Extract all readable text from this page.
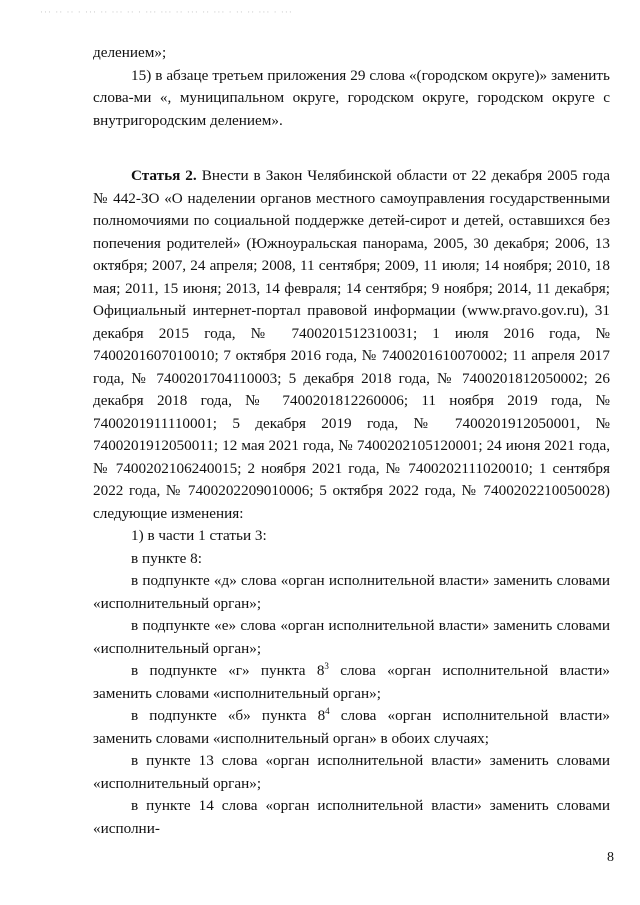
··· ·· ·· · ··· ·· ··· ·· · ··· ··· ·· ··· ·· ··· · ·· ·· ··· · ···

делением»;

15) в абзаце третьем приложения 29 слова «(городском округе)» заменить слова-ми «, муниципальном округе, городском округе, городском округе с внутригородским делением».

Статья 2. Внести в Закон Челябинской области от 22 декабря 2005 года № 442-ЗО «О наделении органов местного самоуправления государственными полномочиями по социальной поддержке детей-сирот и детей, оставшихся без попечения родителей» (Южноуральская панорама, 2005, 30 декабря; 2006, 13 октября; 2007, 24 апреля; 2008, 11 сентября; 2009, 11 июля; 14 ноября; 2010, 18 мая; 2011, 15 июня; 2013, 14 февраля; 14 сентября; 9 ноября; 2014, 11 декабря; Официальный интернет-портал правовой информации (www.pravo.gov.ru), 31 декабря 2015 года, № 7400201512310031; 1 июля 2016 года, № 7400201607010010; 7 октября 2016 года, № 7400201610070002; 11 апреля 2017 года, № 7400201704110003; 5 декабря 2018 года, № 7400201812050002; 26 декабря 2018 года, № 7400201812260006; 11 ноября 2019 года, № 7400201911110001; 5 декабря 2019 года, № 7400201912050001, № 7400201912050011; 12 мая 2021 года, № 7400202105120001; 24 июня 2021 года, № 7400202106240015; 2 ноября 2021 года, № 7400202111020010; 1 сентября 2022 года, № 7400202209010006; 5 октября 2022 года, № 7400202210050028) следующие изменения:

1) в части 1 статьи 3:

в пункте 8:

в подпункте «д» слова «орган исполнительной власти» заменить словами «исполнительный орган»;

в подпункте «е» слова «орган исполнительной власти» заменить словами «исполнительный орган»;

в подпункте «г» пункта $8^3$ слова «орган исполнительной власти» заменить словами «исполнительный орган»;

в подпункте «б» пункта $8^4$ слова «орган исполнительной власти» заменить словами «исполнительный орган» в обоих случаях;

в пункте 13 слова «орган исполнительной власти» заменить словами «исполнительный орган»;

в пункте 14 слова «орган исполнительной власти» заменить словами «исполни-

8
